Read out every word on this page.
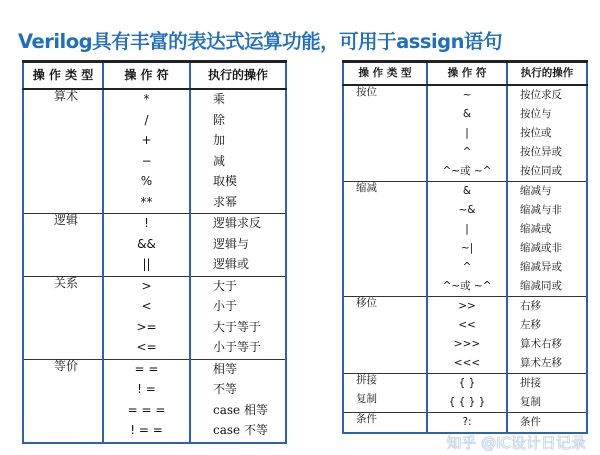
Verilog具有丰富的表达式运算功能，可用于assign语句
操 作 类 型	操 作 符	执行的操作
算术	*	乘
	/	除
	+	加
	−	减
	%	取模
	**	求幂
逻辑	!	逻辑求反
	&&	逻辑与
	||	逻辑或
关系	>	大于
	<	小于
	>=	大于等于
	<=	小于等于
等价	= =	相等
	! =	不等
	= = =	case 相等
	! = =	case 不等
操 作 类 型	操 作 符	执行的操作
按位	~	按位求反
	&	按位与
	|	按位或
	^	按位异或
	^~或 ~^	按位同或
缩减	&	缩减与
	~&	缩减与非
	|	缩减或
	~|	缩减或非
	^	缩减异或
	^~或 ~^	缩减同或
移位	>>	右移
	<<	左移
	>>>	算术右移
	<<<	算术左移
拼接	{ }	拼接
复制	{ { } }	复制
条件	?:	条件
知乎 @IC设计日记录
